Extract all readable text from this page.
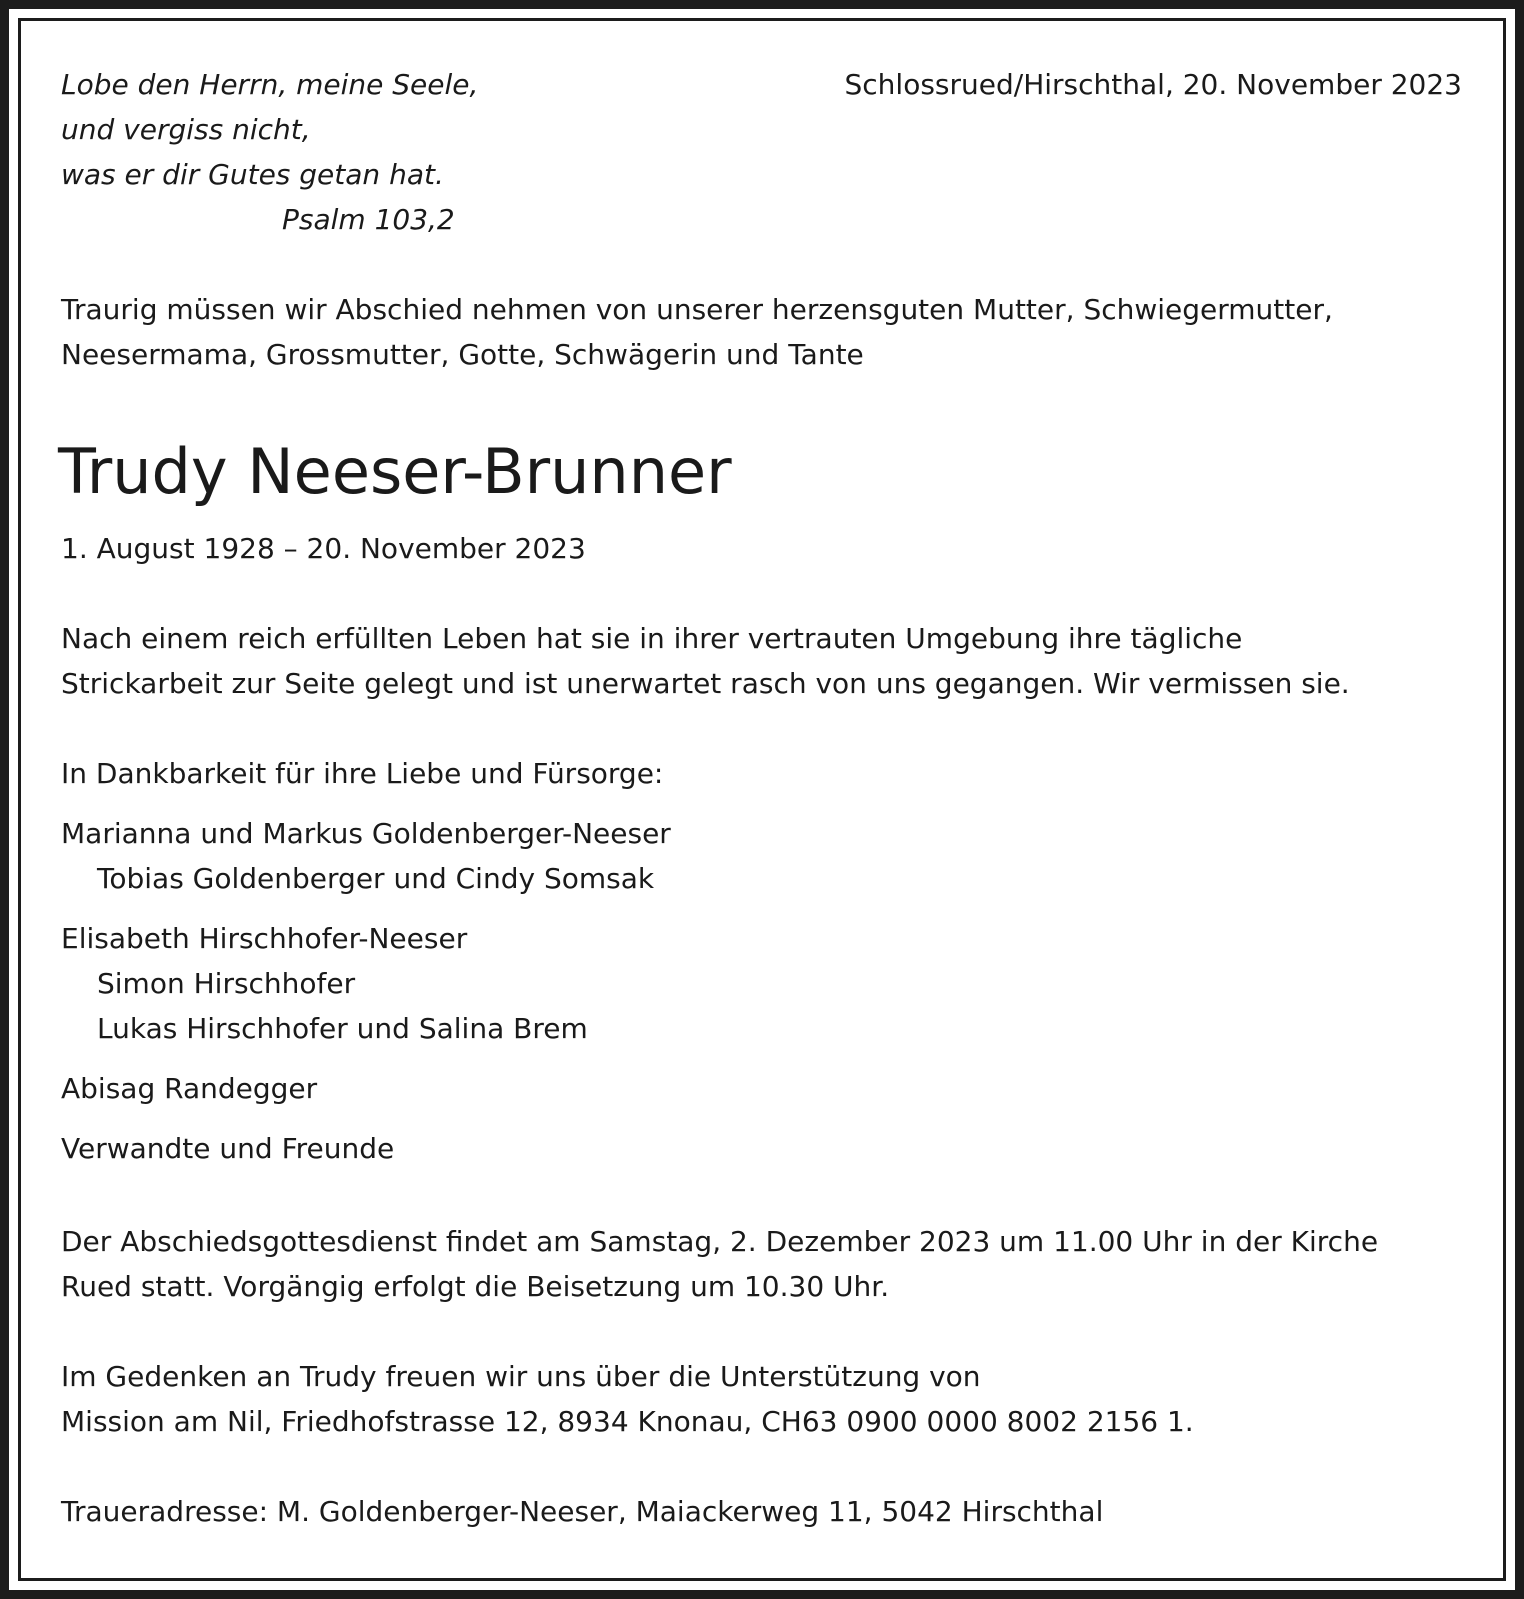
Lobe den Herrn, meine Seele,
und vergiss nicht,
was er dir Gutes getan hat.
Psalm 103,2

Schlossrued/Hirschthal, 20. November 2023

Traurig müssen wir Abschied nehmen von unserer herzensguten Mutter, Schwiegermutter,
Neesermama, Grossmutter, Gotte, Schwägerin und Tante
Trudy Neeser-Brunner

1. August 1928 – 20. November 2023

Nach einem reich erfüllten Leben hat sie in ihrer vertrauten Umgebung ihre tägliche
Strickarbeit zur Seite gelegt und ist unerwartet rasch von uns gegangen. Wir vermissen sie.

In Dankbarkeit für ihre Liebe und Fürsorge:

Marianna und Markus Goldenberger-Neeser
Tobias Goldenberger und Cindy Somsak
Elisabeth Hirschhofer-Neeser
Simon Hirschhofer
Lukas Hirschhofer und Salina Brem
Abisag Randegger
Verwandte und Freunde
Der Abschiedsgottesdienst findet am Samstag, 2. Dezember 2023 um 11.00 Uhr in der Kirche
Rued statt. Vorgängig erfolgt die Beisetzung um 10.30 Uhr.
Im Gedenken an Trudy freuen wir uns über die Unterstützung von
Mission am Nil, Friedhofstrasse 12, 8934 Knonau, CH63 0900 0000 8002 2156 1.

Traueradresse: M. Goldenberger-Neeser, Maiackerweg 11, 5042 Hirschthal
